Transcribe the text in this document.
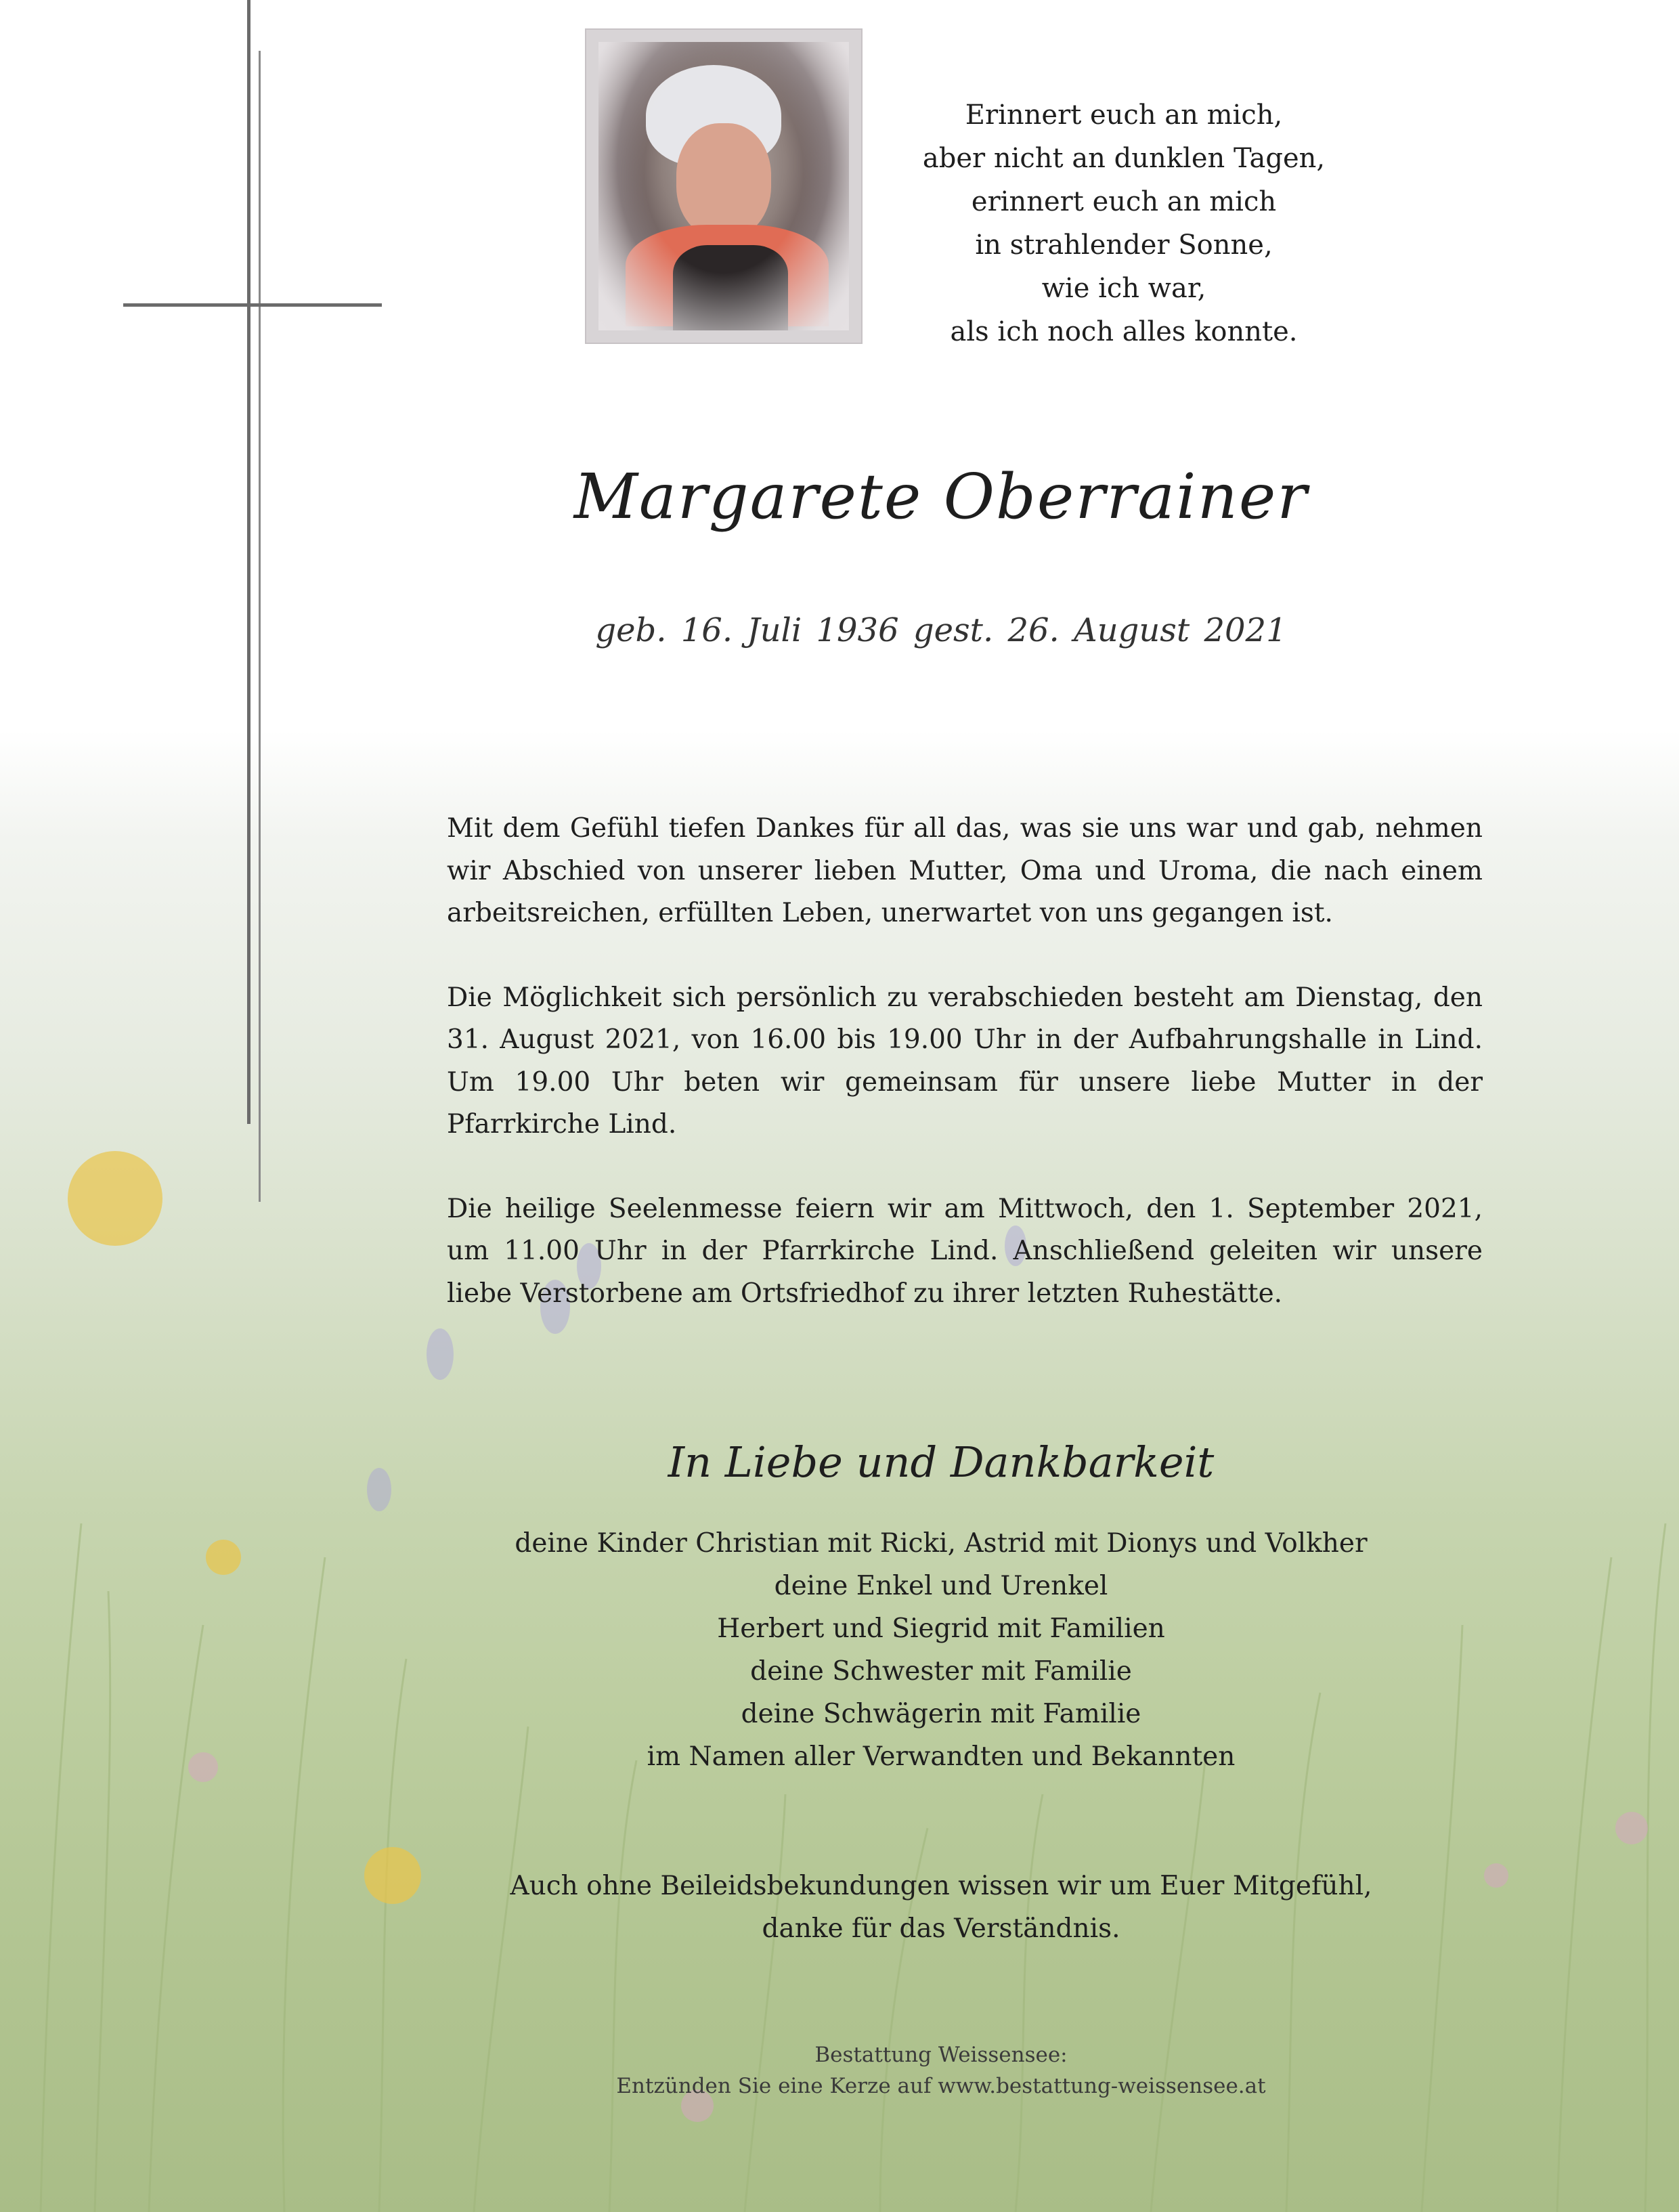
Erinnert euch an mich,
aber nicht an dunklen Tagen,
erinnert euch an mich
in strahlender Sonne,
wie ich war,
als ich noch alles konnte.
Margarete Oberrainer
geb. 16. Juli 1936 gest. 26. August 2021

Mit dem Gefühl tiefen Dankes für all das, was sie uns war und gab, nehmen wir Abschied von unserer lieben Mutter, Oma und Uroma, die nach einem arbeitsreichen, erfüllten Leben, unerwartet von uns gegangen ist.

Die Möglichkeit sich persönlich zu verabschieden besteht am Dienstag, den 31. August 2021, von 16.00 bis 19.00 Uhr in der Aufbahrungshalle in Lind. Um 19.00 Uhr beten wir gemeinsam für unsere liebe Mutter in der Pfarrkirche Lind.

Die heilige Seelenmesse feiern wir am Mittwoch, den 1. September 2021, um 11.00 Uhr in der Pfarrkirche Lind. Anschließend geleiten wir unsere liebe Verstorbene am Ortsfriedhof zu ihrer letzten Ruhestätte.

In Liebe und Dankbarkeit
deine Kinder Christian mit Ricki, Astrid mit Dionys und Volkher
deine Enkel und Urenkel
Herbert und Siegrid mit Familien
deine Schwester mit Familie
deine Schwägerin mit Familie
im Namen aller Verwandten und Bekannten
Auch ohne Beileidsbekundungen wissen wir um Euer Mitgefühl,
danke für das Verständnis.
Bestattung Weissensee:
Entzünden Sie eine Kerze auf www.bestattung-weissensee.at
